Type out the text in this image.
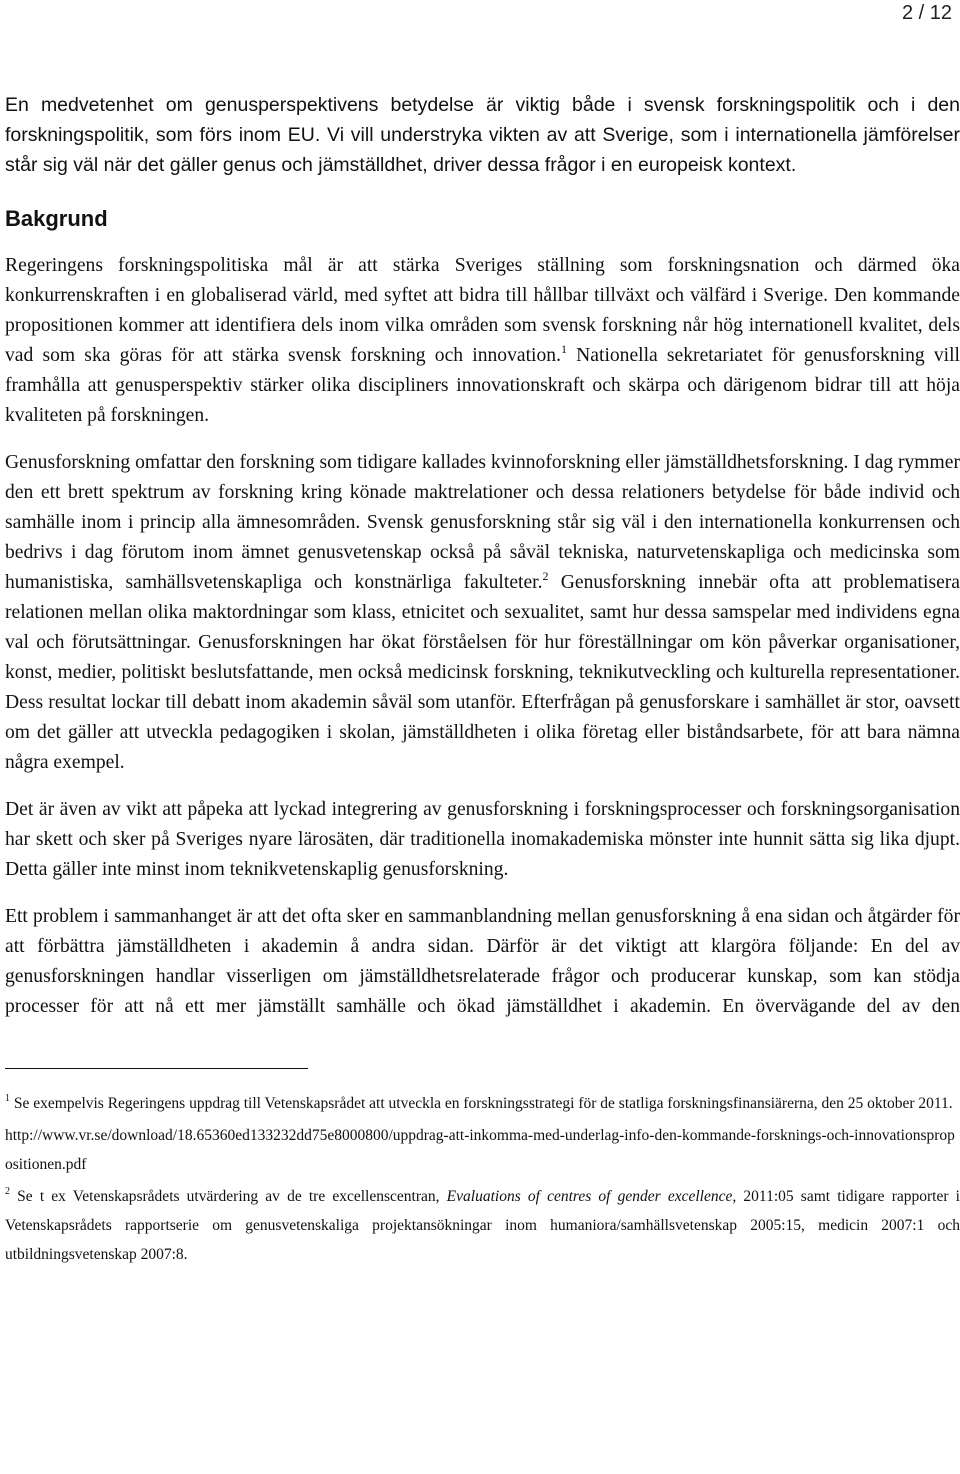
2 / 12

En medvetenhet om genusperspektivens betydelse är viktig både i svensk forskningspolitik och i den forskningspolitik, som förs inom EU. Vi vill understryka vikten av att Sverige, som i internationella jämförelser står sig väl när det gäller genus och jämställdhet, driver dessa frågor i en europeisk kontext.

Bakgrund

Regeringens forskningspolitiska mål är att stärka Sveriges ställning som forskningsnation och därmed öka konkurrenskraften i en globaliserad värld, med syftet att bidra till hållbar tillväxt och välfärd i Sverige. Den kommande propositionen kommer att identifiera dels inom vilka områden som svensk forskning når hög internationell kvalitet, dels vad som ska göras för att stärka svensk forskning och innovation.$^1$ Nationella sekretariatet för genusforskning vill framhålla att genusperspektiv stärker olika discipliners innovationskraft och skärpa och därigenom bidrar till att höja kvaliteten på forskningen.

Genusforskning omfattar den forskning som tidigare kallades kvinnoforskning eller jämställdhetsforskning. I dag rymmer den ett brett spektrum av forskning kring könade maktrelationer och dessa relationers betydelse för både individ och samhälle inom i princip alla ämnesområden. Svensk genusforskning står sig väl i den internationella konkurrensen och bedrivs i dag förutom inom ämnet genusvetenskap också på såväl tekniska, naturvetenskapliga och medicinska som humanistiska, samhällsvetenskapliga och konstnärliga fakulteter.$^2$ Genusforskning innebär ofta att problematisera relationen mellan olika maktordningar som klass, etnicitet och sexualitet, samt hur dessa samspelar med individens egna val och förutsättningar. Genusforskningen har ökat förståelsen för hur föreställningar om kön påverkar organisationer, konst, medier, politiskt beslutsfattande, men också medicinsk forskning, teknikutveckling och kulturella representationer. Dess resultat lockar till debatt inom akademin såväl som utanför. Efterfrågan på genusforskare i samhället är stor, oavsett om det gäller att utveckla pedagogiken i skolan, jämställdheten i olika företag eller biståndsarbete, för att bara nämna några exempel.

Det är även av vikt att påpeka att lyckad integrering av genusforskning i forskningsprocesser och forskningsorganisation har skett och sker på Sveriges nyare lärosäten, där traditionella inomakademiska mönster inte hunnit sätta sig lika djupt. Detta gäller inte minst inom teknikvetenskaplig genusforskning.

Ett problem i sammanhanget är att det ofta sker en sammanblandning mellan genusforskning å ena sidan och åtgärder för att förbättra jämställdheten i akademin å andra sidan. Därför är det viktigt att klargöra följande: En del av genusforskningen handlar visserligen om jämställdhetsrelaterade frågor och producerar kunskap, som kan stödja processer för att nå ett mer jämställt samhälle och ökad jämställdhet i akademin. En övervägande del av den

$^1$ Se exempelvis Regeringens uppdrag till Vetenskapsrådet att utveckla en forskningsstrategi för de statliga forskningsfinansiärerna, den 25 oktober 2011.

http://www.vr.se/download/18.65360ed133232dd75e8000800/uppdrag-att-inkomma-med-underlag-info-den-kommande-forsknings-och-innovationspropositionen.pdf

$^2$ Se t ex Vetenskapsrådets utvärdering av de tre excellenscentran, Evaluations of centres of gender excellence, 2011:05 samt tidigare rapporter i Vetenskapsrådets rapportserie om genusvetenskaliga projektansökningar inom humaniora/samhällsvetenskap 2005:15, medicin 2007:1 och utbildningsvetenskap 2007:8.
